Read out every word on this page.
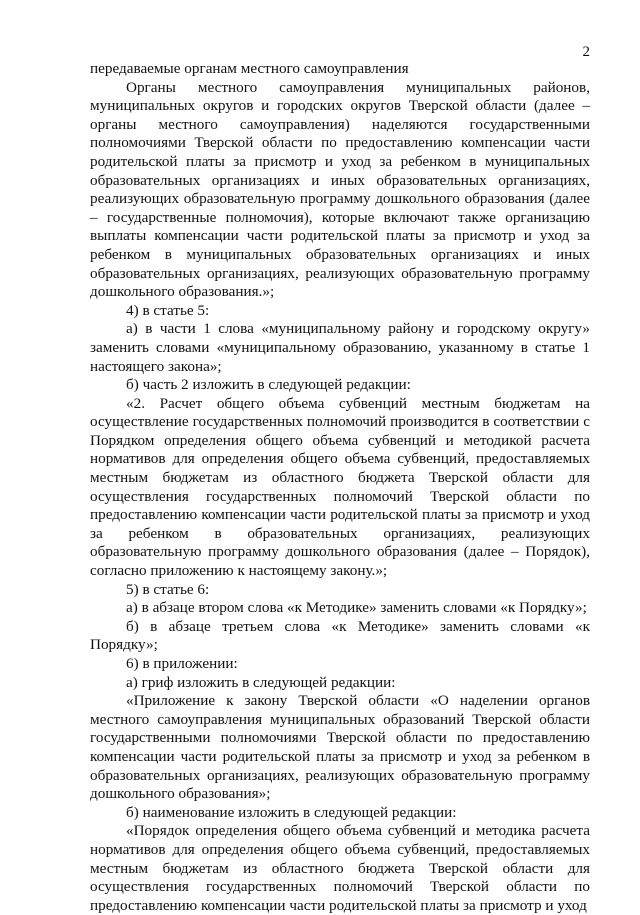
2

передаваемые органам местного самоуправления

Органы местного самоуправления муниципальных районов, муниципальных округов и городских округов Тверской области (далее – органы местного самоуправления) наделяются государственными полномочиями Тверской области по предоставлению компенсации части родительской платы за присмотр и уход за ребенком в муниципальных образовательных организациях и иных образовательных организациях, реализующих образовательную программу дошкольного образования (далее – государственные полномочия), которые включают также организацию выплаты компенсации части родительской платы за присмотр и уход за ребенком в муниципальных образовательных организациях и иных образовательных организациях, реализующих образовательную программу дошкольного образования.»;

4) в статье 5:

а) в части 1 слова «муниципальному району и городскому округу» заменить словами «муниципальному образованию, указанному в статье 1 настоящего закона»;

б) часть 2 изложить в следующей редакции:

«2. Расчет общего объема субвенций местным бюджетам на осуществление государственных полномочий производится в соответствии с Порядком определения общего объема субвенций и методикой расчета нормативов для определения общего объема субвенций, предоставляемых местным бюджетам из областного бюджета Тверской области для осуществления государственных полномочий Тверской области по предоставлению компенсации части родительской платы за присмотр и уход за ребенком в образовательных организациях, реализующих образовательную программу дошкольного образования (далее – Порядок), согласно приложению к настоящему закону.»;

5) в статье 6:

а) в абзаце втором слова «к Методике» заменить словами «к Порядку»;

б) в абзаце третьем слова «к Методике» заменить словами «к Порядку»;

6) в приложении:

а) гриф изложить в следующей редакции:

«Приложение к закону Тверской области «О наделении органов местного самоуправления муниципальных образований Тверской области государственными полномочиями Тверской области по предоставлению компенсации части родительской платы за присмотр и уход за ребенком в образовательных организациях, реализующих образовательную программу дошкольного образования»;

б) наименование изложить в следующей редакции:

«Порядок определения общего объема субвенций и методика расчета нормативов для определения общего объема субвенций, предоставляемых местным бюджетам из областного бюджета Тверской области для осуществления государственных полномочий Тверской области по предоставлению компенсации части родительской платы за присмотр и уход
